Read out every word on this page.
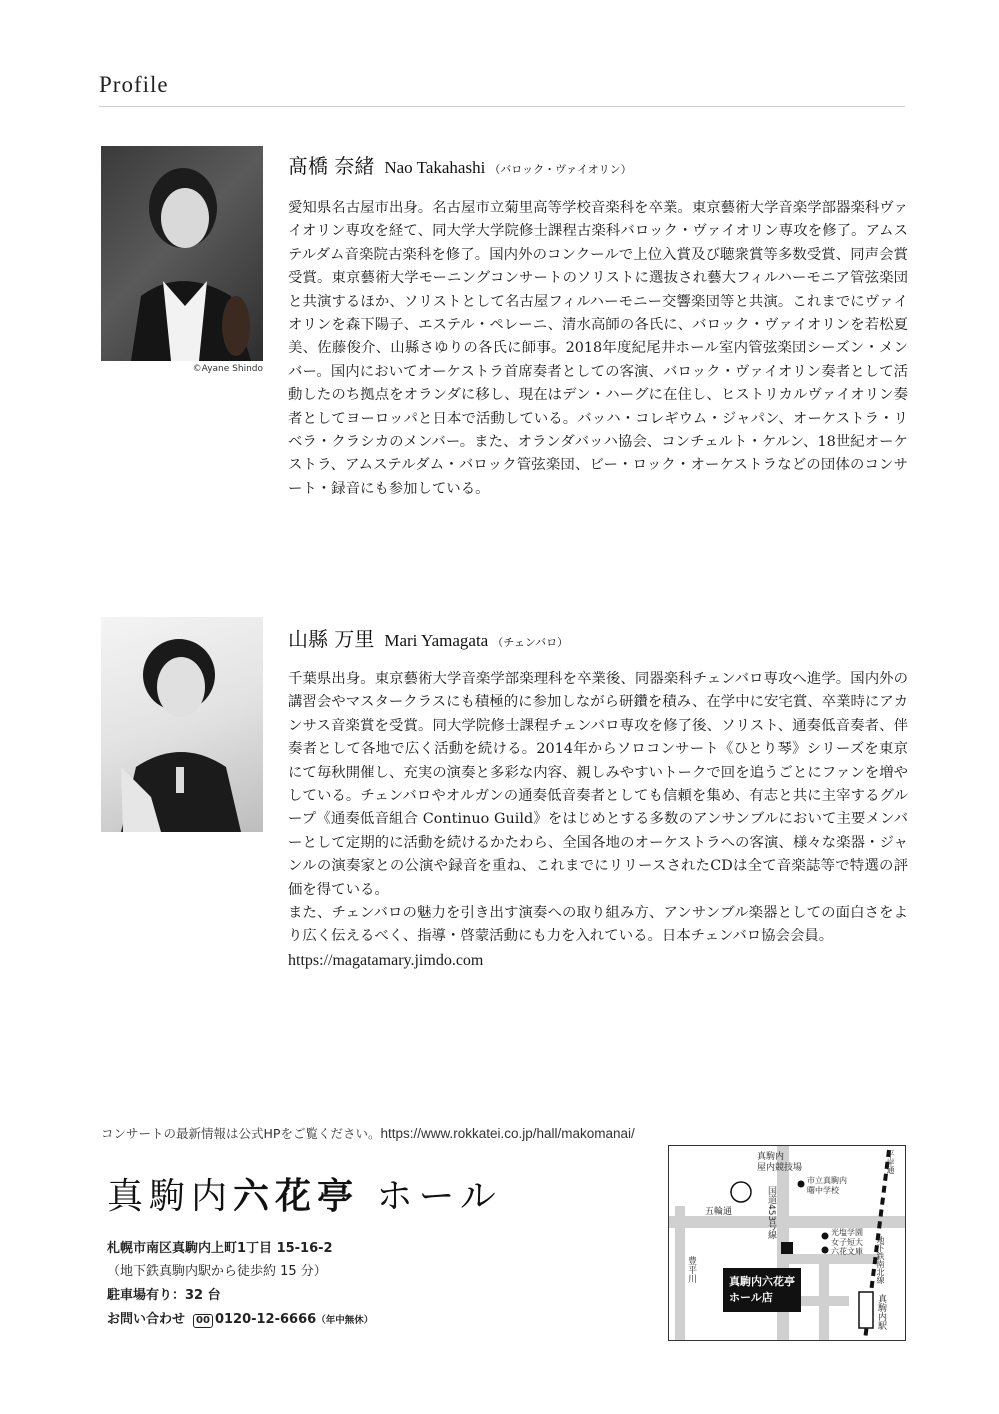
Profile
©Ayane Shindo
髙橋 奈緒 Nao Takahashi （バロック・ヴァイオリン）

愛知県名古屋市出身。名古屋市立菊里高等学校音楽科を卒業。東京藝術大学音楽学部器楽科ヴァイオリン専攻を経て、同大学大学院修士課程古楽科バロック・ヴァイオリン専攻を修了。アムステルダム音楽院古楽科を修了。国内外のコンクールで上位入賞及び聴衆賞等多数受賞、同声会賞受賞。東京藝術大学モーニングコンサートのソリストに選抜され藝大フィルハーモニア管弦楽団と共演するほか、ソリストとして名古屋フィルハーモニー交響楽団等と共演。これまでにヴァイオリンを森下陽子、エステル・ペレーニ、清水高師の各氏に、バロック・ヴァイオリンを若松夏美、佐藤俊介、山縣さゆりの各氏に師事。2018年度紀尾井ホール室内管弦楽団シーズン・メンバー。国内においてオーケストラ首席奏者としての客演、バロック・ヴァイオリン奏者として活動したのち拠点をオランダに移し、現在はデン・ハーグに在住し、ヒストリカルヴァイオリン奏者としてヨーロッパと日本で活動している。バッハ・コレギウム・ジャパン、オーケストラ・リベラ・クラシカのメンバー。また、オランダバッハ協会、コンチェルト・ケルン、18世紀オーケストラ、アムステルダム・バロック管弦楽団、ビー・ロック・オーケストラなどの団体のコンサート・録音にも参加している。

山縣 万里 Mari Yamagata （チェンバロ）

千葉県出身。東京藝術大学音楽学部楽理科を卒業後、同器楽科チェンバロ専攻へ進学。国内外の講習会やマスタークラスにも積極的に参加しながら研鑽を積み、在学中に安宅賞、卒業時にアカンサス音楽賞を受賞。同大学院修士課程チェンバロ専攻を修了後、ソリスト、通奏低音奏者、伴奏者として各地で広く活動を続ける。2014年からソロコンサート《ひとり琴》シリーズを東京にて毎秋開催し、充実の演奏と多彩な内容、親しみやすいトークで回を追うごとにファンを増やしている。チェンバロやオルガンの通奏低音奏者としても信頼を集め、有志と共に主宰するグループ《通奏低音組合 Continuo Guild》をはじめとする多数のアンサンブルにおいて主要メンバーとして定期的に活動を続けるかたわら、全国各地のオーケストラへの客演、様々な楽器・ジャンルの演奏家との公演や録音を重ね、これまでにリリースされたCDは全て音楽誌等で特選の評価を得ている。

また、チェンバロの魅力を引き出す演奏への取り組み方、アンサンブル楽器としての面白さをより広く伝えるべく、指導・啓蒙活動にも力を入れている。日本チェンバロ協会会員。

https://magatamary.jimdo.com

コンサートの最新情報は公式HPをご覧ください。https://www.rokkatei.co.jp/hall/makomanai/
真駒内六花亭 ホール
札幌市南区真駒内上町1丁目 15-16-2
（地下鉄真駒内駅から徒歩約 15 分）
駐車場有り：32 台
お問い合わせ 00 0120-12-6666（年中無休）
真駒内
屋内競技場
市立真駒内
曙中学校
光塩学園
女子短大
六花文庫
五輪通	国道453号線
豊平川	地下鉄南北線
平岸通
真駒内駅
真駒内六花亭
ホール店
